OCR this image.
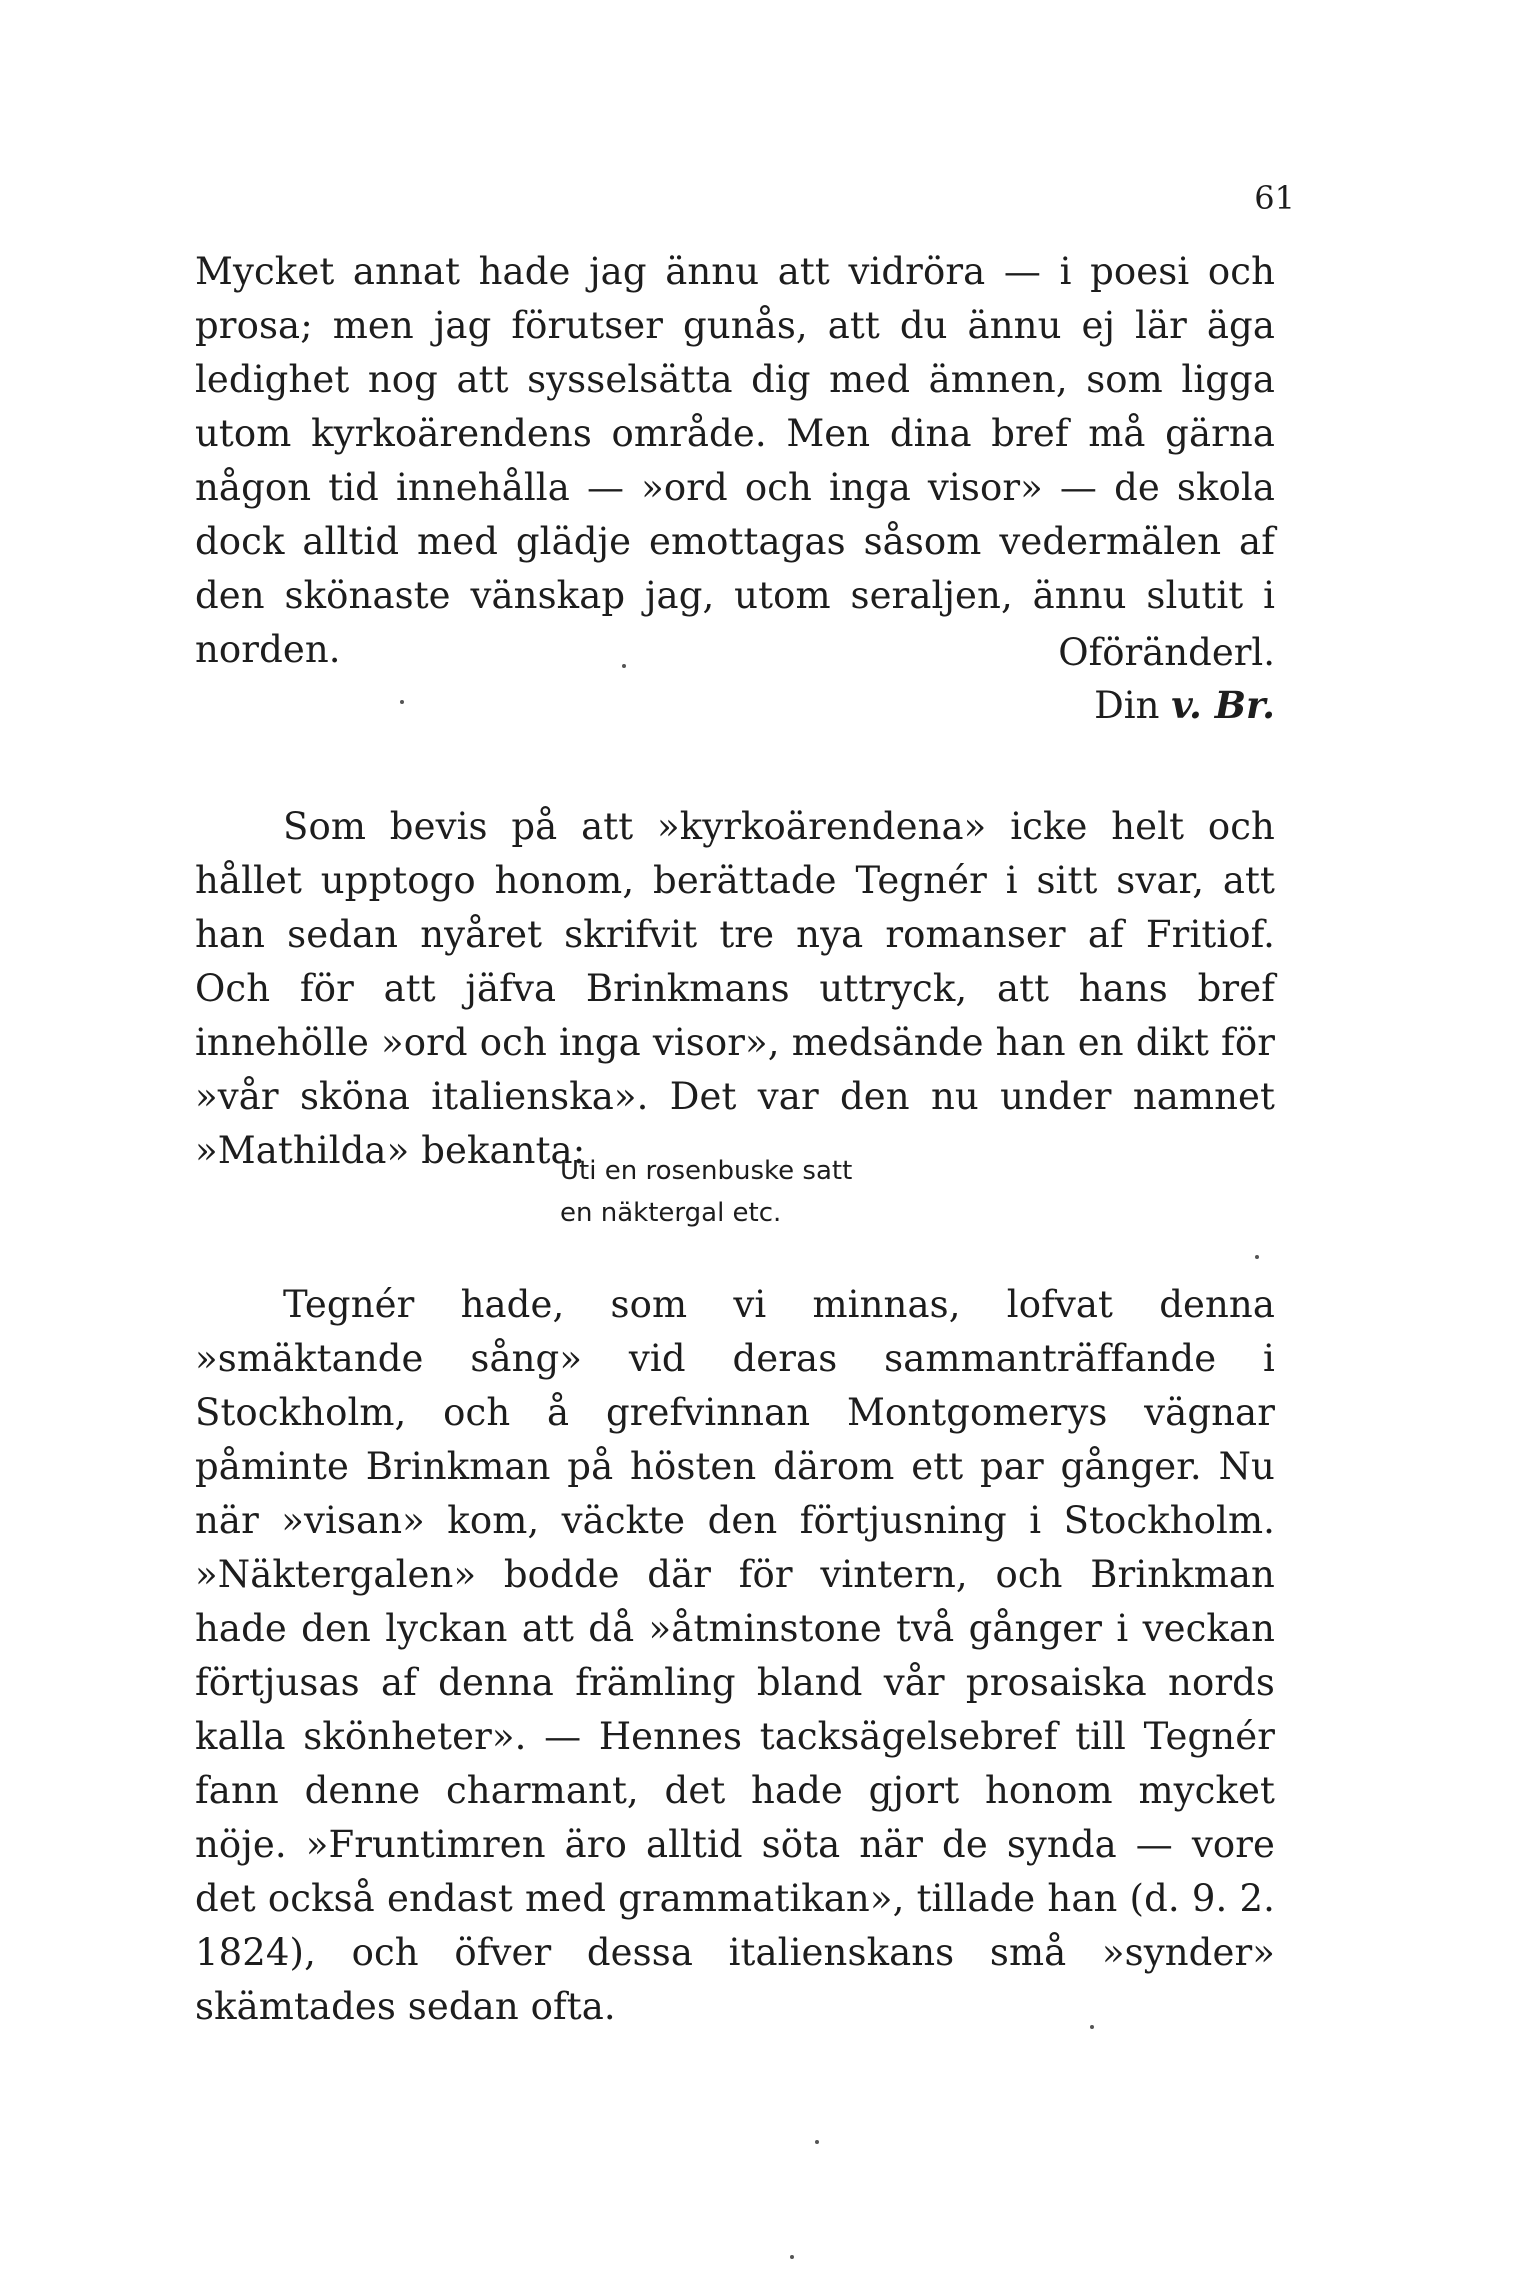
61

Mycket annat hade jag ännu att vidröra — i poesi och prosa; men jag förutser gunås, att du ännu ej lär äga ledighet nog att sysselsätta dig med ämnen, som ligga utom kyrkoärendens område. Men dina bref må gärna någon tid innehålla — »ord och inga visor» — de skola dock alltid med glädje emottagas såsom vedermälen af den skönaste vänskap jag, utom seraljen, ännu slutit i norden.	Oföränderl.
Din v. Br.

Som bevis på att »kyrkoärendena» icke helt och hållet upptogo honom, berättade Tegnér i sitt svar, att han sedan nyåret skrifvit tre nya romanser af Fritiof. Och för att jäfva Brinkmans uttryck, att hans bref innehölle »ord och inga visor», medsände han en dikt för »vår sköna italienska». Det var den nu under namnet »Mathilda» bekanta:

Uti en rosenbuske satt
en näktergal etc.

Tegnér hade, som vi minnas, lofvat denna »smäktande sång» vid deras sammanträffande i Stockholm, och å grefvinnan Montgomerys vägnar påminte Brinkman på hösten därom ett par gånger. Nu när »visan» kom, väckte den förtjusning i Stockholm. »Näktergalen» bodde där för vintern, och Brinkman hade den lyckan att då »åtminstone två gånger i veckan förtjusas af denna främling bland vår prosaiska nords kalla skönheter». — Hennes tacksägelsebref till Tegnér fann denne charmant, det hade gjort honom mycket nöje. »Fruntimren äro alltid söta när de synda — vore det också endast med grammatikan», tillade han (d. 9. 2. 1824), och öfver dessa italienskans små »synder» skämtades sedan ofta.
